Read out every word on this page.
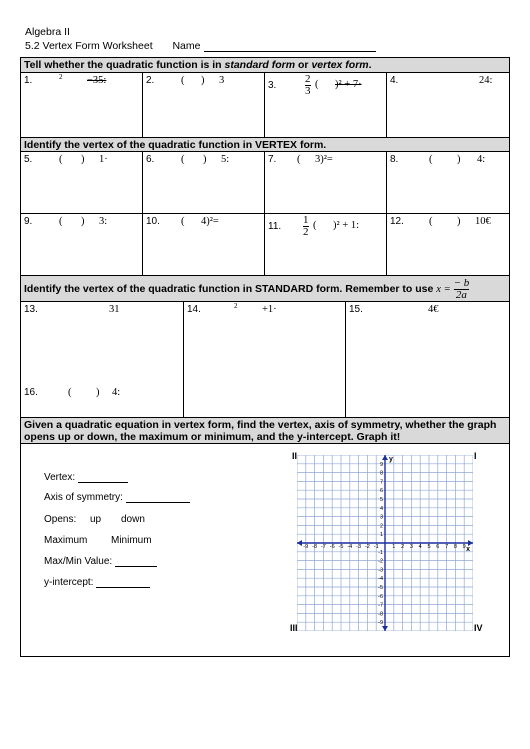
Algebra II
5.2 Vertex Form Worksheet Name
Tell whether the quadratic function is in standard form or vertex form.
1.	2 −35:	2.	( ) 3	3.	$\frac{2}{3}$ ( )² + 7·	4.	24:
Identify the vertex of the quadratic function in VERTEX form.
5.	( ) 1·	6.	( ) 5:	7. ( 3)²=	8.	( ) 4:
9.	( ) 3:	10. ( 4)²=	11. $\frac{1}{2}$ ( )² + 1:	12. ( ) 10€
Identify the vertex of the quadratic function in STANDARD form. Remember to use $x = \frac{- b}{2a}$
13.	31	14.	2 +1·	15.	4€
Given a quadratic equation in vertex form, find the vertex, axis of symmetry, whether the graph opens up or down, the maximum or minimum, and the y-intercept. Graph it!
16.	( ) 4:
Vertex:
Axis of symmetry:
Opens: up down
Maximum Minimum
Max/Min Value:
y-intercept:
II	I
III	IV
-9 -8 -7 -6 -5 -4 -3 -2 -1 1 2 3 4 5 6 7 8 9
9
8
7
6
5
4
3
2
1
-1
-2
-3
-4
-5
-6
-7
-8
-9
x
y
